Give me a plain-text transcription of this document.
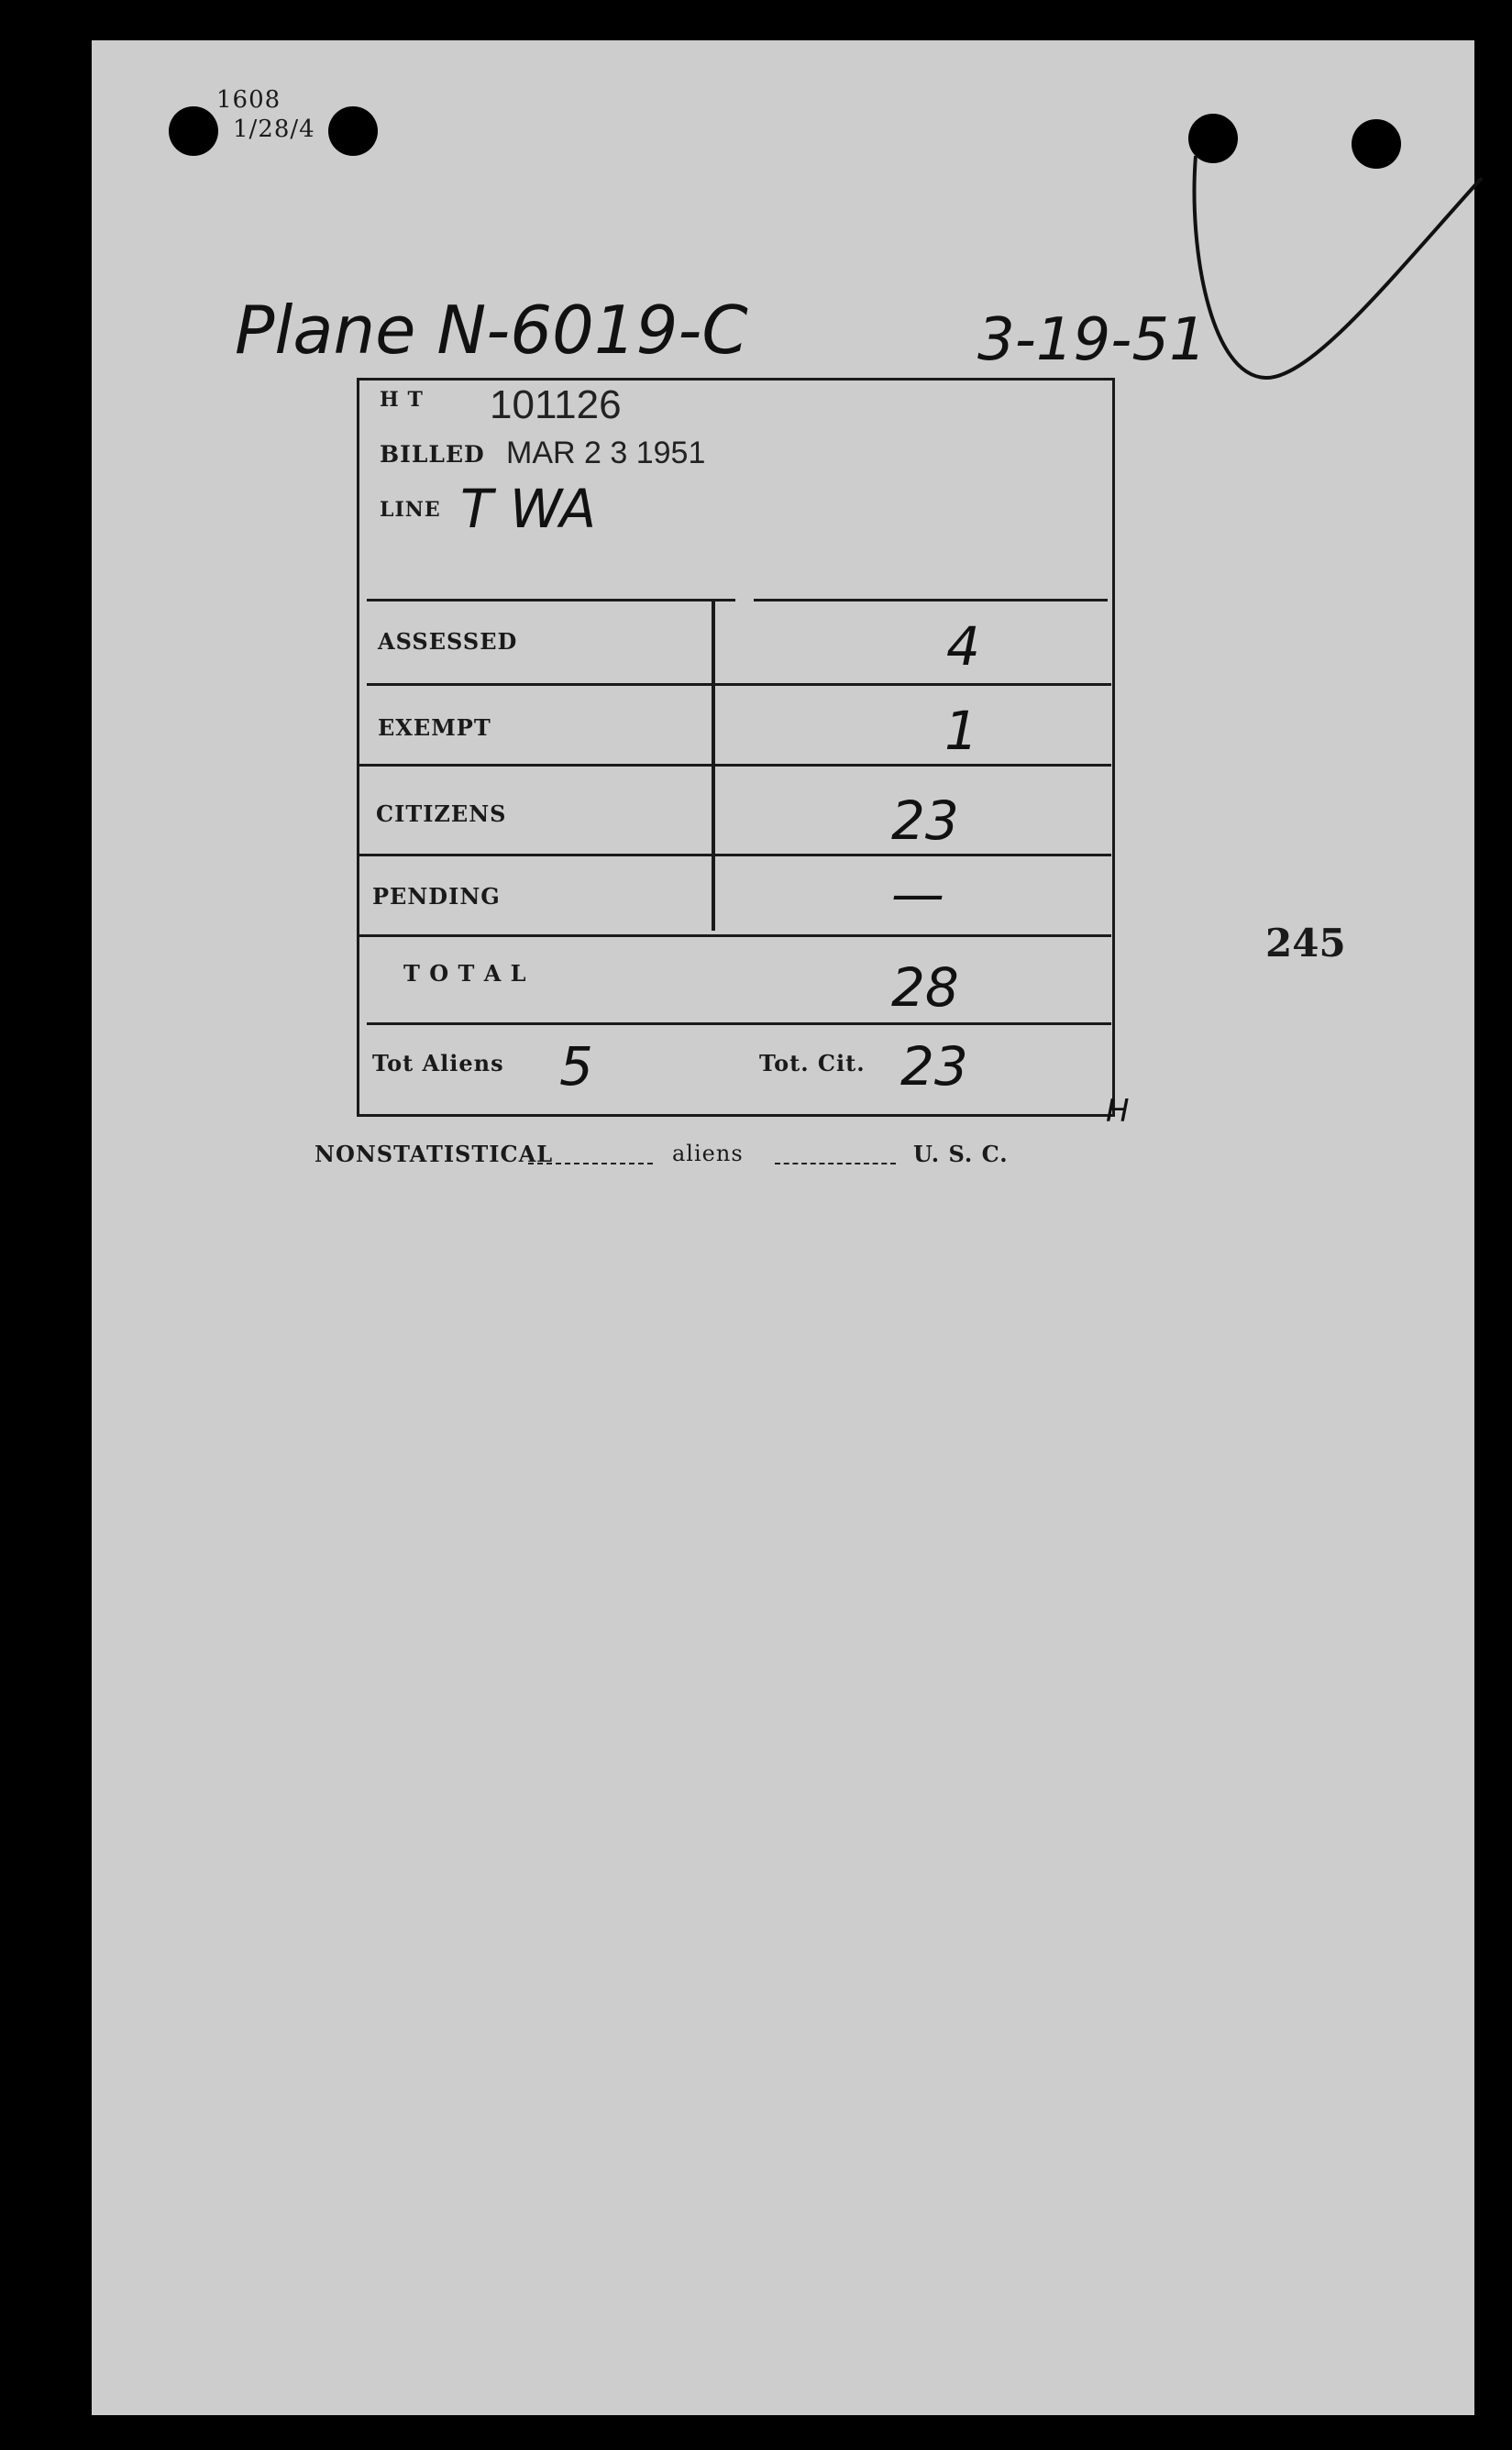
1608
1/28/4
Plane N-6019-C	3-19-51
H T 101126
BILLED MAR 2 3 1951
LINE T WA
ASSESSED	4
EXEMPT	1
CITIZENS	23
PENDING	—
T O T A L	28
Tot Aliens 5	Tot. Cit. 23
H
NONSTATISTICAL	aliens	U. S. C.
245
